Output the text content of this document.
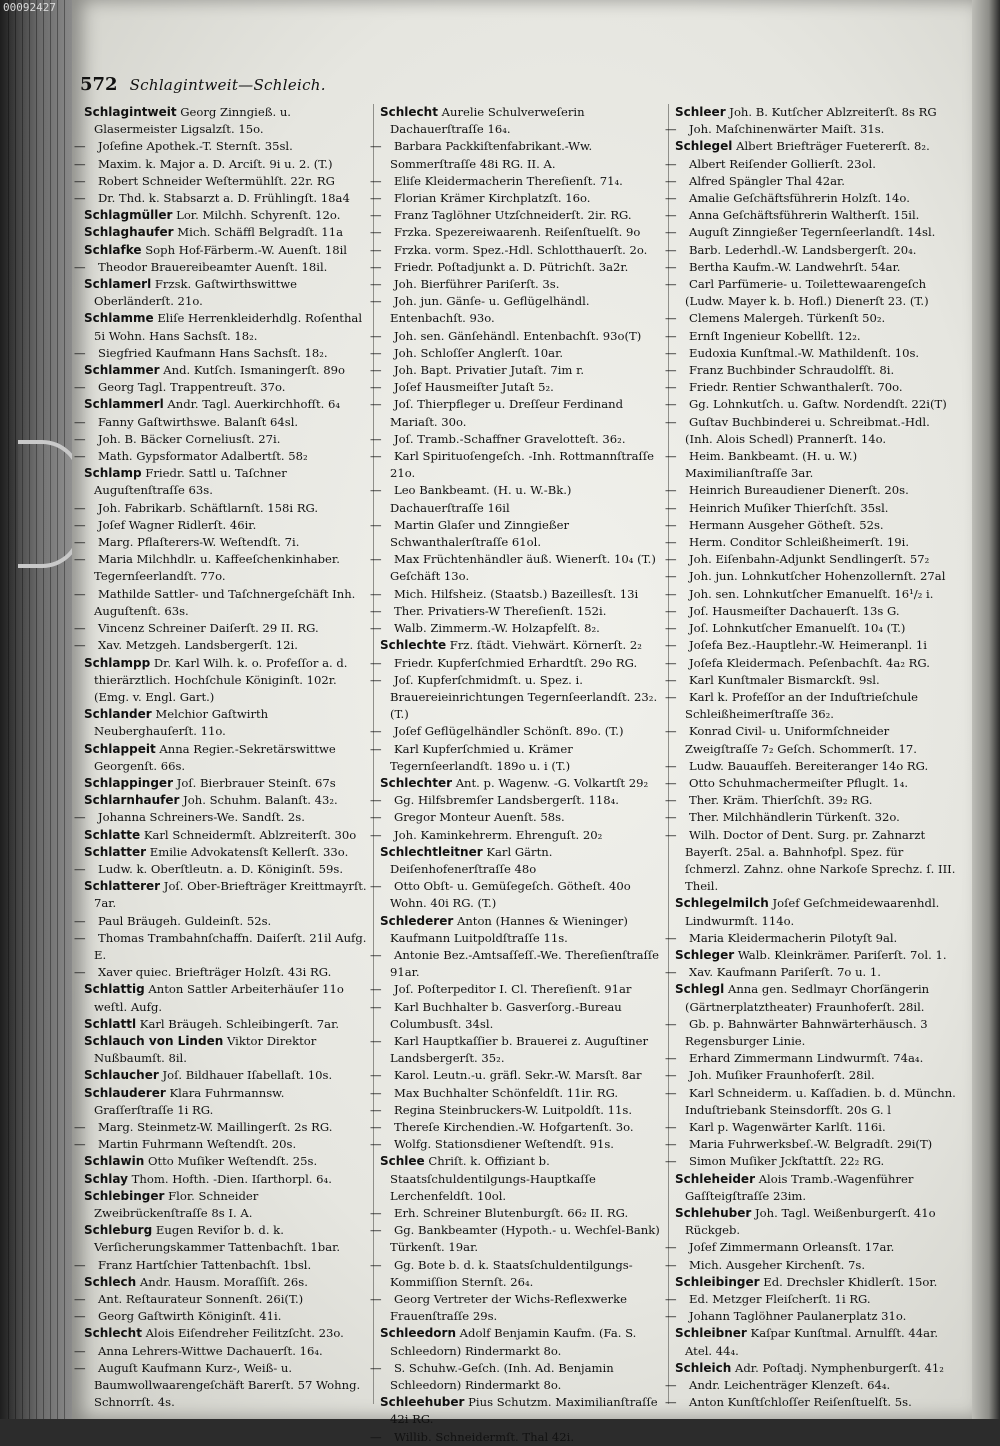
00092427
572 Schlagintweit—Schleich.

Schlagintweit Georg Zinngieß. u. Glasermeister Ligsalzſt. 15o.

— Joſefine Apothek.-T. Sternſt. 35sl.

— Maxim. k. Major a. D. Arciſt. 9i u. 2. (T.)

— Robert Schneider Weſtermühlſt. 22r. RG

— Dr. Thd. k. Stabsarzt a. D. Frühlingſt. 18a4

Schlagmüller Lor. Milchh. Schyrenſt. 12o.

Schlaghaufer Mich. Schäffl Belgradſt. 11a

Schlafke Soph Hof-Färberm.-W. Auenſt. 18il

— Theodor Brauereibeamter Auenſt. 18il.

Schlamerl Frzsk. Gaſtwirthswittwe Oberländerſt. 21o.

Schlamme Eliſe Herrenkleiderhdlg. Roſenthal 5i Wohn. Hans Sachsſt. 18₂.

— Siegfried Kaufmann Hans Sachsſt. 18₂.

Schlammer And. Kutſch. Ismaningerſt. 89o

— Georg Tagl. Trappentreuſt. 37o.

Schlammerl Andr. Tagl. Auerkirchhofſt. 6₄

— Fanny Gaſtwirthswe. Balanſt 64sl.

— Joh. B. Bäcker Corneliusſt. 27i.

— Math. Gypsformator Adalbertſt. 58₂

Schlamp Friedr. Sattl u. Taſchner Auguſtenſtraſſe 63s.

— Joh. Fabrikarb. Schäftlarnſt. 158i RG.

— Joſef Wagner Ridlerſt. 46ir.

— Marg. Pflaſterers-W. Weſtendſt. 7i.

— Maria Milchhdlr. u. Kaffeeſchenkinhaber. Tegernſeerlandſt. 77o.

— Mathilde Sattler- und Taſchnergeſchäft Inh. Auguſtenſt. 63s.

— Vincenz Schreiner Daiſerſt. 29 II. RG.

— Xav. Metzgeh. Landsbergerſt. 12i.

Schlampp Dr. Karl Wilh. k. o. Profeſſor a. d. thierärztlich. Hochſchule Königinſt. 102r. (Emg. v. Engl. Gart.)

Schlander Melchior Gaſtwirth Neuberghauſerſt. 11o.

Schlappeit Anna Regier.-Sekretärswittwe Georgenſt. 66s.

Schlappinger Joſ. Bierbrauer Steinſt. 67s

Schlarnhaufer Joh. Schuhm. Balanſt. 43₂.

— Johanna Schreiners-We. Sandſt. 2s.

Schlatte Karl Schneidermſt. Ablzreiterſt. 30o

Schlatter Emilie Advokatensſt Kellerſt. 33o.

— Ludw. k. Oberſtleutn. a. D. Königinſt. 59s.

Schlatterer Joſ. Ober-Briefträger Kreittmayrſt. 7ar.

— Paul Bräugeh. Guldeinſt. 52s.

— Thomas Trambahnſchaffn. Daiſerſt. 21il Aufg. E.

— Xaver quiec. Briefträger Holzſt. 43i RG.

Schlattig Anton Sattler Arbeiterhäuſer 11o weſtl. Aufg.

Schlattl Karl Bräugeh. Schleibingerſt. 7ar.

Schlauch von Linden Viktor Direktor Nußbaumſt. 8il.

Schlaucher Joſ. Bildhauer Iſabellaſt. 10s.

Schlauderer Klara Fuhrmannsw. Graſſerſtraſſe 1i RG.

— Marg. Steinmetz-W. Maillingerſt. 2s RG.

— Martin Fuhrmann Weſtendſt. 20s.

Schlawin Otto Muſiker Weſtendſt. 25s.

Schlay Thom. Hofth. -Dien. Iſarthorpl. 6₄.

Schlebinger Flor. Schneider Zweibrückenſtraſſe 8s I. A.

Schleburg Eugen Reviſor b. d. k. Verſicherungskammer Tattenbachſt. 1bar.

— Franz Hartſchier Tattenbachſt. 1bsl.

Schlech Andr. Hausm. Moraſſiſt. 26s.

— Ant. Reſtaurateur Sonnenſt. 26i(T.)

— Georg Gaſtwirth Königinſt. 41i.

Schlecht Alois Eiſendreher Feilitzſcht. 23o.

— Anna Lehrers-Wittwe Dachauerſt. 16₄.

— Auguſt Kaufmann Kurz-, Weiß- u. Baumwollwaarengeſchäft Barerſt. 57 Wohng. Schnorrſt. 4s.

Schlecht Aurelie Schulverweſerin Dachauerſtraſſe 16₄.

— Barbara Packkiſtenfabrikant.-Ww. Sommerſtraſſe 48i RG. II. A.

— Eliſe Kleidermacherin Thereſienſt. 71₄.

— Florian Krämer Kirchplatzſt. 16o.

— Franz Taglöhner Utzſchneiderſt. 2ir. RG.

— Frzka. Spezereiwaarenh. Reiſenſtuelſt. 9o

— Frzka. vorm. Spez.-Hdl. Schlotthauerſt. 2o.

— Friedr. Poſtadjunkt a. D. Pütrichſt. 3a2r.

— Joh. Bierführer Pariſerſt. 3s.

— Joh. jun. Gänſe- u. Geflügelhändl. Entenbachſt. 93o.

— Joh. sen. Gänſehändl. Entenbachſt. 93o(T)

— Joh. Schloſſer Anglerſt. 10ar.

— Joh. Bapt. Privatier Jutaſt. 7im r.

— Joſef Hausmeiſter Jutaſt 5₂.

— Joſ. Thierpfleger u. Dreſſeur Ferdinand Mariaſt. 30o.

— Joſ. Tramb.-Schaffner Gravelotteſt. 36₂.

— Karl Spirituoſengeſch. -Inh. Rottmannſtraſſe 21o.

— Leo Bankbeamt. (H. u. W.-Bk.) Dachauerſtraſſe 16il

— Martin Glaſer und Zinngießer Schwanthalerſtraſſe 61ol.

— Max Früchtenhändler äuß. Wienerſt. 10₄ (T.) Geſchäft 13o.

— Mich. Hilfsheiz. (Staatsb.) Bazeillesſt. 13i

— Ther. Privatiers-W Thereſienſt. 152i.

— Walb. Zimmerm.-W. Holzapfelſt. 8₂.

Schlechte Frz. ſtädt. Viehwärt. Körnerſt. 2₂

— Friedr. Kupferſchmied Erhardtſt. 29o RG.

— Joſ. Kupferſchmidmſt. u. Spez. i. Brauereieinrichtungen Tegernſeerlandſt. 23₂. (T.)

— Joſef Geflügelhändler Schönſt. 89o. (T.)

— Karl Kupferſchmied u. Krämer Tegernſeerlandſt. 189o u. i (T.)

Schlechter Ant. p. Wagenw. -G. Volkartſt 29₂

— Gg. Hilfsbremſer Landsbergerſt. 118₄.

— Gregor Monteur Auenſt. 58s.

— Joh. Kaminkehrerm. Ehrenguſt. 20₂

Schlechtleitner Karl Gärtn. Deiſenhofenerſtraſſe 48o

— Otto Obſt- u. Gemüſegeſch. Götheſt. 40o Wohn. 40i RG. (T.)

Schlederer Anton (Hannes & Wieninger) Kaufmann Luitpoldſtraſſe 11s.

— Antonie Bez.-Amtsaſſeſſ.-We. Thereſienſtraſſe 91ar.

— Joſ. Poſterpeditor I. Cl. Thereſienſt. 91ar

— Karl Buchhalter b. Gasverſorg.-Bureau Columbusſt. 34sl.

— Karl Hauptkaſſier b. Brauerei z. Auguſtiner Landsbergerſt. 35₂.

— Karol. Leutn.-u. gräfl. Sekr.-W. Marsſt. 8ar

— Max Buchhalter Schönfeldſt. 11ir. RG.

— Regina Steinbruckers-W. Luitpoldſt. 11s.

— Thereſe Kirchendien.-W. Hofgartenſt. 3o.

— Wolfg. Stationsdiener Weſtendſt. 91s.

Schlee Chriſt. k. Offiziant b. Staatsſchuldentilgungs-Hauptkaſſe Lerchenfeldſt. 10ol.

— Erh. Schreiner Blutenburgſt. 66₂ II. RG.

— Gg. Bankbeamter (Hypoth.- u. Wechſel-Bank) Türkenſt. 19ar.

— Gg. Bote b. d. k. Staatsſchuldentilgungs-Kommiſſion Sternſt. 26₄.

— Georg Vertreter der Wichs-Reflexwerke Frauenſtraſſe 29s.

Schleedorn Adolf Benjamin Kaufm. (Fa. S. Schleedorn) Rindermarkt 8o.

— S. Schuhw.-Geſch. (Inh. Ad. Benjamin Schleedorn) Rindermarkt 8o.

Schleehuber Pius Schutzm. Maximilianſtraſſe 42i RG.

— Willib. Schneidermſt. Thal 42i.

Schleer Joh. B. Kutſcher Ablzreiterſt. 8s RG

— Joh. Maſchinenwärter Maiſt. 31s.

Schlegel Albert Briefträger Fuetererſt. 8₂.

— Albert Reiſender Gollierſt. 23ol.

— Alfred Spängler Thal 42ar.

— Amalie Geſchäftsführerin Holzſt. 14o.

— Anna Geſchäftsführerin Waltherſt. 15il.

— Auguſt Zinngießer Tegernſeerlandſt. 14sl.

— Barb. Lederhdl.-W. Landsbergerſt. 20₄.

— Bertha Kaufm.-W. Landwehrſt. 54ar.

— Carl Parfümerie- u. Toilettewaarengeſch (Ludw. Mayer k. b. Hofl.) Dienerſt 23. (T.)

— Clemens Malergeh. Türkenſt 50₂.

— Ernſt Ingenieur Kobellſt. 12₂.

— Eudoxia Kunſtmal.-W. Mathildenſt. 10s.

— Franz Buchbinder Schraudolfſt. 8i.

— Friedr. Rentier Schwanthalerſt. 70o.

— Gg. Lohnkutſch. u. Gaſtw. Nordendſt. 22i(T)

— Guſtav Buchbinderei u. Schreibmat.-Hdl. (Inh. Alois Schedl) Prannerſt. 14o.

— Heim. Bankbeamt. (H. u. W.) Maximilianſtraſſe 3ar.

— Heinrich Bureaudiener Dienerſt. 20s.

— Heinrich Muſiker Thierſchſt. 35sl.

— Hermann Ausgeher Götheſt. 52s.

— Herm. Conditor Schleißheimerſt. 19i.

— Joh. Eiſenbahn-Adjunkt Sendlingerſt. 57₂

— Joh. jun. Lohnkutſcher Hohenzollernſt. 27al

— Joh. sen. Lohnkutſcher Emanuelſt. 16¹/₂ i.

— Joſ. Hausmeiſter Dachauerſt. 13s G.

— Joſ. Lohnkutſcher Emanuelſt. 10₄ (T.)

— Joſefa Bez.-Hauptlehr.-W. Heimeranpl. 1i

— Joſefa Kleidermach. Peſenbachſt. 4a₂ RG.

— Karl Kunſtmaler Bismarckſt. 9sl.

— Karl k. Profeſſor an der Induſtrieſchule Schleißheimerſtraſſe 36₂.

— Konrad Civil- u. Uniformſchneider Zweigſtraſſe 7₂ Geſch. Schommerſt. 17.

— Ludw. Bauaufſeh. Bereiteranger 14o RG.

— Otto Schuhmachermeiſter Pfluglt. 1₄.

— Ther. Kräm. Thierſchſt. 39₂ RG.

— Ther. Milchhändlerin Türkenſt. 32o.

— Wilh. Doctor of Dent. Surg. pr. Zahnarzt Bayerſt. 25al. a. Bahnhofpl. Spez. für ſchmerzl. Zahnz. ohne Narkoſe Sprechz. ſ. III. Theil.

Schlegelmilch Joſef Geſchmeidewaarenhdl. Lindwurmſt. 114o.

— Maria Kleidermacherin Pilotyſt 9al.

Schleger Walb. Kleinkrämer. Pariſerſt. 7ol. 1.

— Xav. Kaufmann Pariſerſt. 7o u. 1.

Schlegl Anna gen. Sedlmayr Chorſängerin (Gärtnerplatztheater) Fraunhoferſt. 28il.

— Gb. p. Bahnwärter Bahnwärterhäusch. 3 Regensburger Linie.

— Erhard Zimmermann Lindwurmſt. 74a₄.

— Joh. Muſiker Fraunhoferſt. 28il.

— Karl Schneiderm. u. Kaſſadien. b. d. Münchn. Induſtriebank Steinsdorfſt. 20s G. l

— Karl p. Wagenwärter Karlſt. 116i.

— Maria Fuhrwerksbeſ.-W. Belgradſt. 29i(T)

— Simon Muſiker Jckſtattſt. 22₂ RG.

Schleheider Alois Tramb.-Wagenführer Gaſſteigſtraſſe 23im.

Schlehuber Joh. Tagl. Weißenburgerſt. 41o Rückgeb.

— Joſef Zimmermann Orleansſt. 17ar.

— Mich. Ausgeher Kirchenſt. 7s.

Schleibinger Ed. Drechsler Khidlerſt. 15or.

— Ed. Metzger Fleiſcherſt. 1i RG.

— Johann Taglöhner Paulanerplatz 31o.

Schleibner Kaſpar Kunſtmal. Arnulfſt. 44ar. Atel. 44₄.

Schleich Adr. Poſtadj. Nymphenburgerſt. 41₂

— Andr. Leichenträger Klenzeſt. 64₄.

— Anton Kunſtſchloſſer Reiſenſtuelſt. 5s.
